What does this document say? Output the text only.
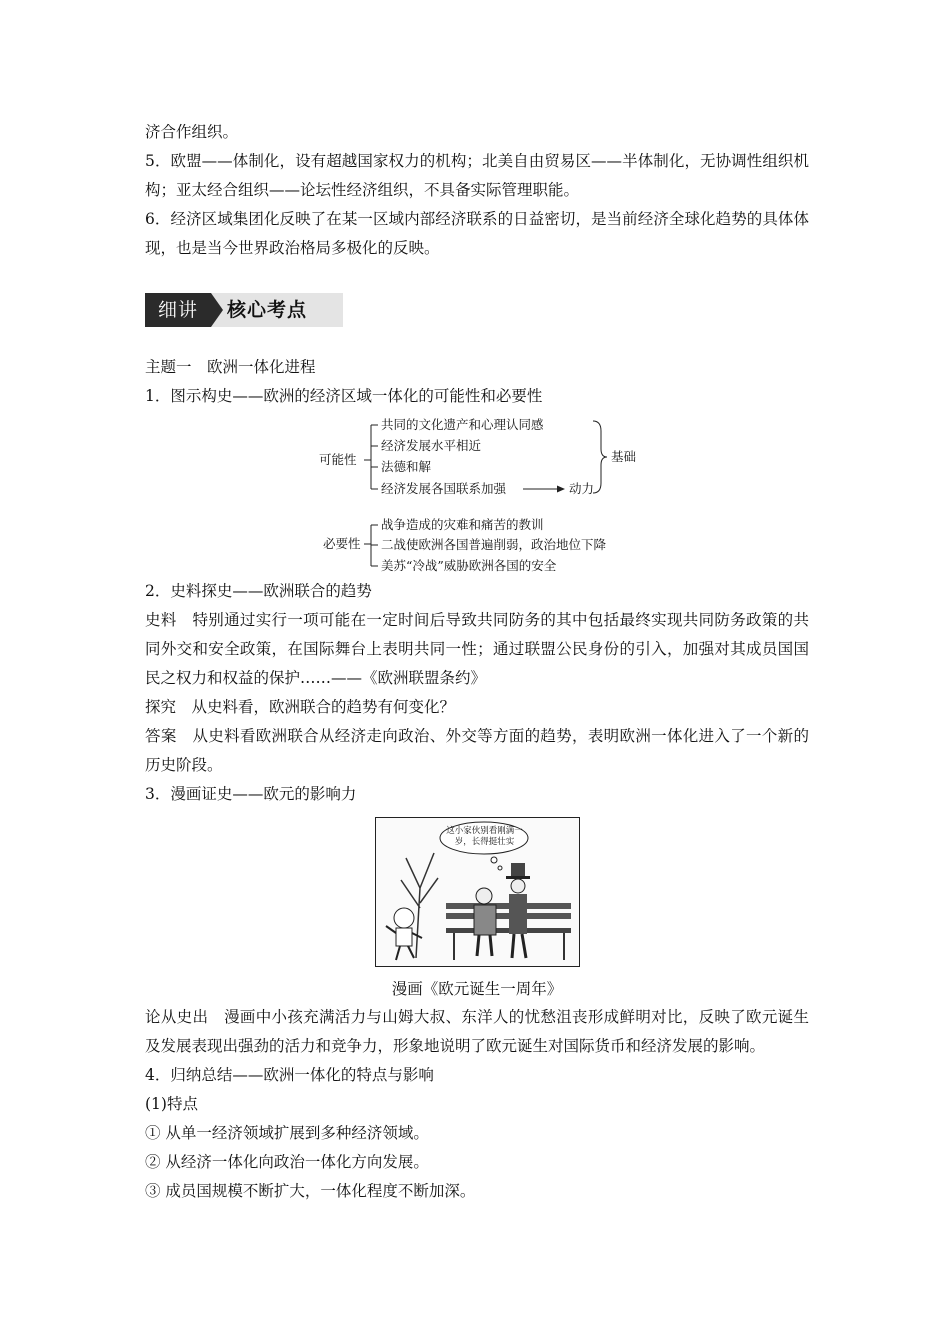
济合作组织。

5．欧盟——体制化，设有超越国家权力的机构；北美自由贸易区——半体制化，无协调性组织机构；亚太经合组织——论坛性经济组织，不具备实际管理职能。

6．经济区域集团化反映了在某一区域内部经济联系的日益密切，是当前经济全球化趋势的具体体现，也是当今世界政治格局多极化的反映。

细讲	核心考点

主题一　欧洲一体化进程

1．图示构史——欧洲的经济区域一体化的可能性和必要性

可能性
共同的文化遗产和心理认同感
经济发展水平相近
法德和解
经济发展各国联系加强
基础
动力
必要性
战争造成的灾难和痛苦的教训
二战使欧洲各国普遍削弱，政治地位下降
美苏“冷战”威胁欧洲各国的安全

2．史料探史——欧洲联合的趋势

史料　特别通过实行一项可能在一定时间后导致共同防务的其中包括最终实现共同防务政策的共同外交和安全政策，在国际舞台上表明共同一性；通过联盟公民身份的引入，加强对其成员国国民之权力和权益的保护……——《欧洲联盟条约》

探究　从史料看，欧洲联合的趋势有何变化？

答案　从史料看欧洲联合从经济走向政治、外交等方面的趋势，表明欧洲一体化进入了一个新的历史阶段。

3．漫画证史——欧元的影响力

这小家伙别看刚满一岁，长得挺壮实

漫画《欧元诞生一周年》

论从史出　漫画中小孩充满活力与山姆大叔、东洋人的忧愁沮丧形成鲜明对比，反映了欧元诞生及发展表现出强劲的活力和竞争力，形象地说明了欧元诞生对国际货币和经济发展的影响。

4．归纳总结——欧洲一体化的特点与影响

(1)特点

① 从单一经济领域扩展到多种经济领域。

② 从经济一体化向政治一体化方向发展。

③ 成员国规模不断扩大，一体化程度不断加深。
